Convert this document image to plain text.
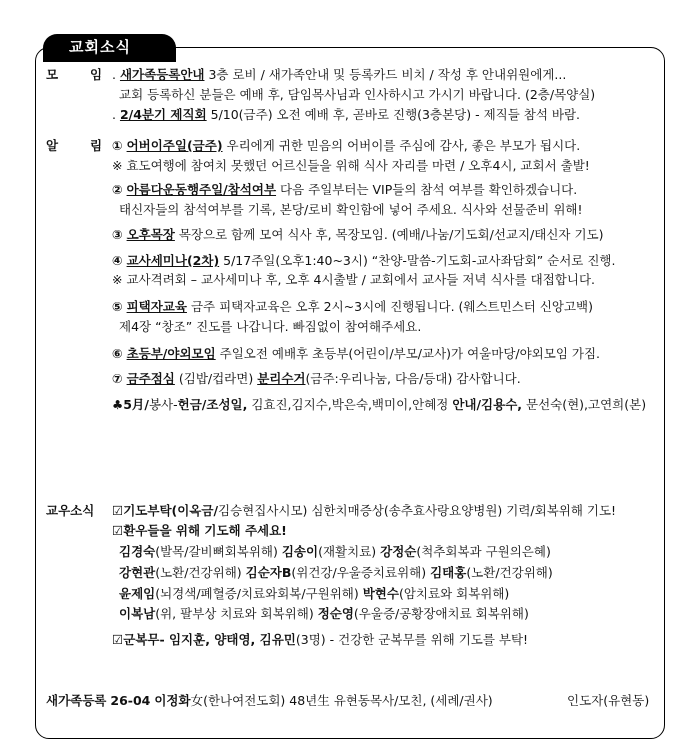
교회소식
모	임 . 새가족등록안내 3층 로비 / 새가족안내 및 등록카드 비치 / 작성 후 안내위원에게...
교회 등록하신 분들은 예배 후, 담임목사님과 인사하시고 가시기 바랍니다. (2층/목양실)
. 2/4분기 제직회 5/10(금주) 오전 예배 후, 곧바로 진행(3층본당) - 제직들 참석 바람.
알	림 ① 어버이주일(금주) 우리에게 귀한 믿음의 어버이를 주심에 감사, 좋은 부모가 됩시다.
※ 효도여행에 참여치 못했던 어르신들을 위해 식사 자리를 마련 / 오후4시, 교회서 출발!
② 아름다운동행주일/참석여부 다음 주일부터는 VIP들의 참석 여부를 확인하겠습니다.
태신자들의 참석여부를 기록, 본당/로비 확인함에 넣어 주세요. 식사와 선물준비 위해!
③ 오후목장 목장으로 함께 모여 식사 후, 목장모임. (예배/나눔/기도회/선교지/태신자 기도)
④ 교사세미나(2차) 5/17주일(오후1:40~3시) “찬양-말씀-기도회-교사좌담회” 순서로 진행.
※ 교사격려회 – 교사세미나 후, 오후 4시출발 / 교회에서 교사들 저녁 식사를 대접합니다.
⑤ 피택자교육 금주 피택자교육은 오후 2시~3시에 진행됩니다. (웨스트민스터 신앙고백)
제4장 “창조” 진도를 나갑니다. 빠짐없이 참여해주세요.
⑥ 초등부/야외모임 주일오전 예배후 초등부(어린이/부모/교사)가 여울마당/야외모임 가짐.
⑦ 금주점심 (김밥/컵라면) 분리수거(금주:우리나눔, 다음/등대) 감사합니다.
♣5月/봉사-헌금/조성일, 김효진,김지수,박은숙,백미이,안혜정 안내/김용수, 문선숙(현),고연희(본)
교우소식 ☑기도부탁(이옥금/김승현집사시모) 심한치매증상(송추효사랑요양병원) 기력/회복위해 기도!
☑환우들을 위해 기도해 주세요!
김경숙(발목/갈비뼈회복위해) 김송이(재활치료) 강정순(척추회복과 구원의은혜)
강현관(노환/건강위해) 김순자B(위건강/우울증치료위해) 김태홍(노환/건강위해)
윤제임(뇌경색/폐혈증/치료와회복/구원위해) 박현수(암치료와 회복위해)
이복남(위, 팔부상 치료와 회복위해) 정순영(우울증/공황장애치료 회복위해)
☑군복무- 임지훈, 양태영, 김유민(3명) - 건강한 군복무를 위해 기도를 부탁!
새가족등록 26-04 이정화女(한나여전도회) 48년生 유현동목사/모친, (세례/권사)	인도자(유현동)
